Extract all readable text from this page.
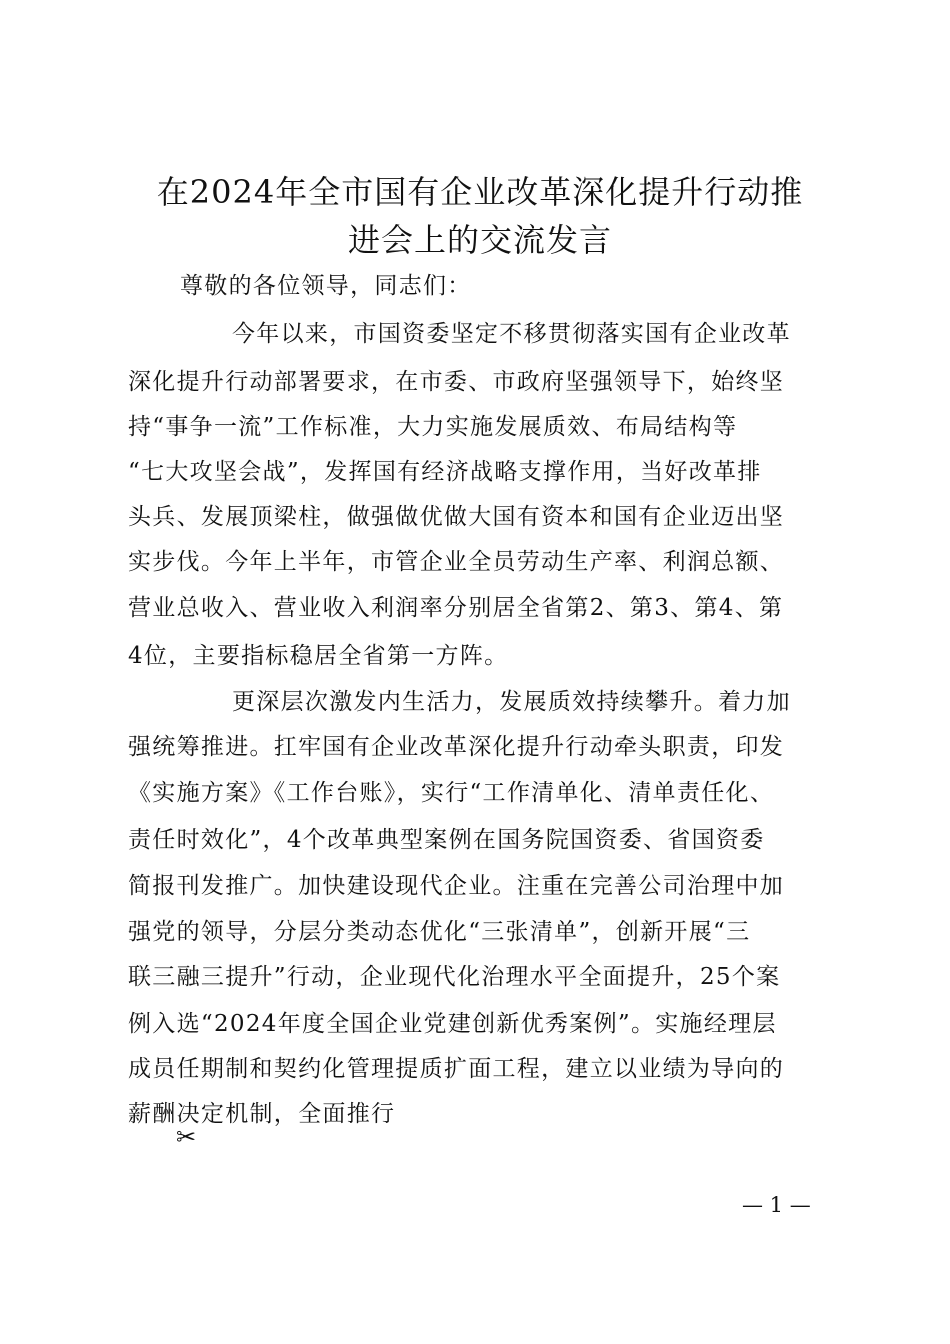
在2024年全市国有企业改革深化提升行动推
进会上的交流发言
尊敬的各位领导，同志们：
今年以来，市国资委坚定不移贯彻落实国有企业改革
深化提升行动部署要求，在市委、市政府坚强领导下，始终坚
持“事争一流”工作标准，大力实施发展质效、布局结构等
“七大攻坚会战”，发挥国有经济战略支撑作用，当好改革排
头兵、发展顶梁柱，做强做优做大国有资本和国有企业迈出坚
实步伐。今年上半年，市管企业全员劳动生产率、利润总额、
营业总收入、营业收入利润率分别居全省第2、第3、第4、第
4位，主要指标稳居全省第一方阵。
更深层次激发内生活力，发展质效持续攀升。着力加
强统筹推进。扛牢国有企业改革深化提升行动牵头职责，印发
《实施方案》《工作台账》，实行“工作清单化、清单责任化、
责任时效化”，4个改革典型案例在国务院国资委、省国资委
简报刊发推广。加快建设现代企业。注重在完善公司治理中加
强党的领导，分层分类动态优化“三张清单”，创新开展“三
联三融三提升”行动，企业现代化治理水平全面提升，25个案
例入选“2024年度全国企业党建创新优秀案例”。实施经理层
成员任期制和契约化管理提质扩面工程，建立以业绩为导向的
薪酬决定机制，全面推行
✂
— 1 —
